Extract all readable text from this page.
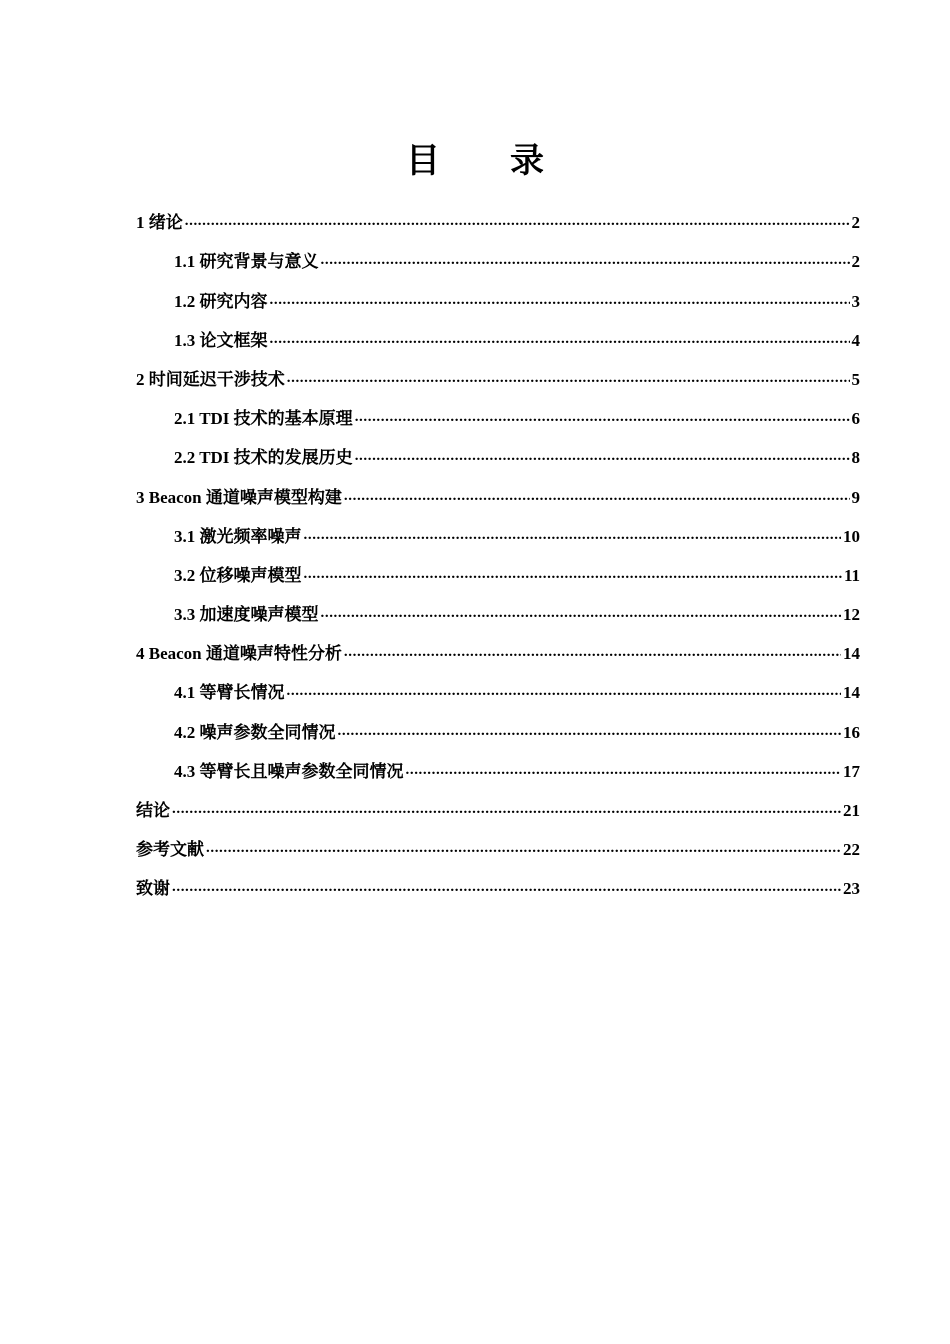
目 录
1 绪论 .....	2
1.1 研究背景与意义 .....	2
1.2 研究内容 .....	3
1.3 论文框架 .....	4
2 时间延迟干涉技术 .....	5
2.1 TDI 技术的基本原理 .....	6
2.2 TDI 技术的发展历史 .....	8
3 Beacon 通道噪声模型构建 .....	9
3.1 激光频率噪声 .....	10
3.2 位移噪声模型 .....	11
3.3 加速度噪声模型 .....	12
4 Beacon 通道噪声特性分析 .....	14
4.1 等臂长情况 .....	14
4.2 噪声参数全同情况 .....	16
4.3 等臂长且噪声参数全同情况 .....	17
结论 .....	21
参考文献 .....	22
致谢 .....	23
